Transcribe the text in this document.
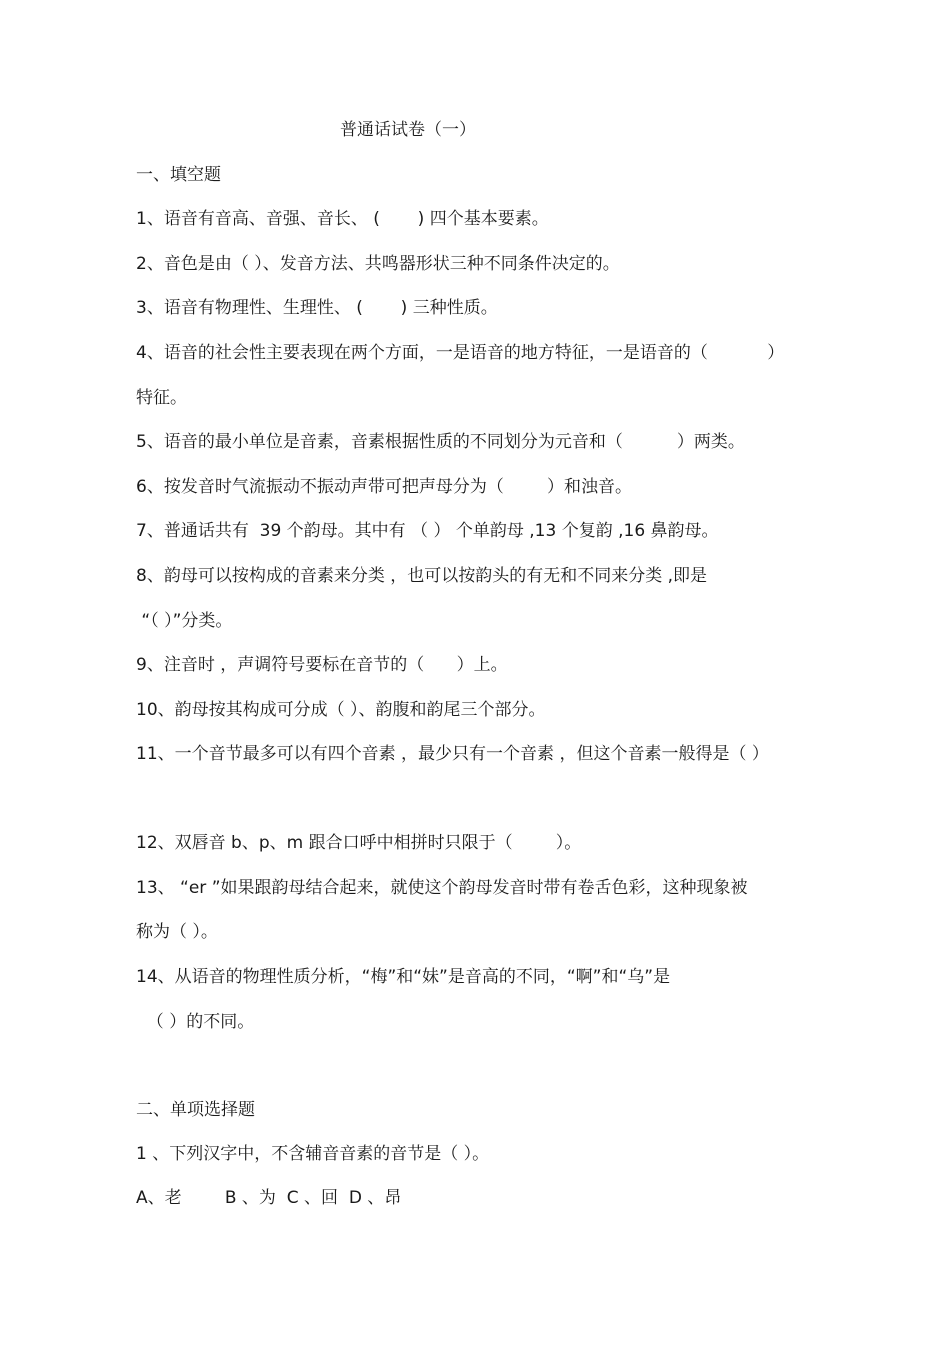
普通话试卷（一）
一、填空题
1、语音有音高、音强、音长、 (       ) 四个基本要素。
2、音色是由（ ）、发音方法、共鸣器形状三种不同条件决定的。
3、语音有物理性、生理性、 (       ) 三种性质。
4、语音的社会性主要表现在两个方面，一是语音的地方特征，一是语音的（           ）
特征。
5、语音的最小单位是音素，音素根据性质的不同划分为元音和（          ）两类。
6、按发音时气流振动不振动声带可把声母分为（        ）和浊音。
7、普通话共有  39 个韵母。其中有 （ ） 个单韵母 ,13 个复韵 ,16 鼻韵母。
8、韵母可以按构成的音素来分类 ，也可以按韵头的有无和不同来分类 ,即是
“（ ）”分类。
9、注音时 ，声调符号要标在音节的（      ）上。
10、韵母按其构成可分成（ ）、韵腹和韵尾三个部分。
11、一个音节最多可以有四个音素 ，最少只有一个音素 ，但这个音素一般得是（ ）
12、双唇音 b、p、m 跟合口呼中相拼时只限于（        ）。
13、 “er ”如果跟韵母结合起来，就使这个韵母发音时带有卷舌色彩，这种现象被
称为（ ）。
14、从语音的物理性质分析，“梅”和“妹”是音高的不同，“啊”和“乌”是
（ ）的不同。
二、单项选择题
1 、下列汉字中，不含辅音音素的音节是（ ）。
A、老        B 、为  C 、回  D 、昂
